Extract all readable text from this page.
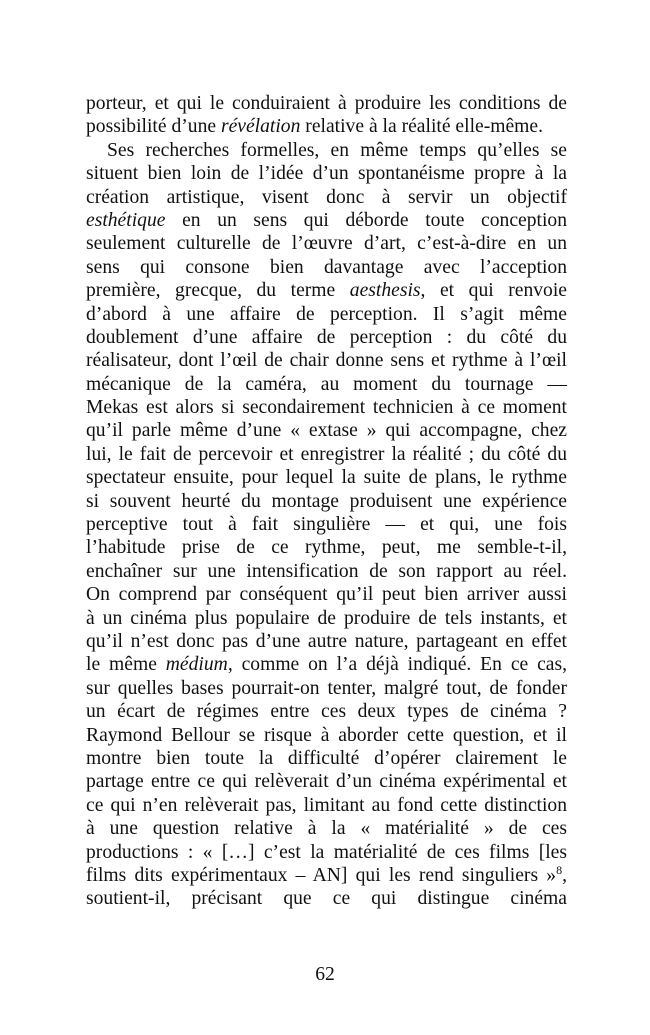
porteur, et qui le conduiraient à produire les conditions de
possibilité d’une révélation relative à la réalité elle-même.
Ses recherches formelles, en même temps qu’elles se
situent bien loin de l’idée d’un spontanéisme propre à la
création artistique, visent donc à servir un objectif
esthétique en un sens qui déborde toute conception
seulement culturelle de l’œuvre d’art, c’est-à-dire en un
sens qui consone bien davantage avec l’acception
première, grecque, du terme aesthesis, et qui renvoie
d’abord à une affaire de perception. Il s’agit même
doublement d’une affaire de perception : du côté du
réalisateur, dont l’œil de chair donne sens et rythme à l’œil
mécanique de la caméra, au moment du tournage —
Mekas est alors si secondairement technicien à ce moment
qu’il parle même d’une « extase » qui accompagne, chez
lui, le fait de percevoir et enregistrer la réalité ; du côté du
spectateur ensuite, pour lequel la suite de plans, le rythme
si souvent heurté du montage produisent une expérience
perceptive tout à fait singulière — et qui, une fois
l’habitude prise de ce rythme, peut, me semble-t-il,
enchaîner sur une intensification de son rapport au réel.
On comprend par conséquent qu’il peut bien arriver aussi
à un cinéma plus populaire de produire de tels instants, et
qu’il n’est donc pas d’une autre nature, partageant en effet
le même médium, comme on l’a déjà indiqué. En ce cas,
sur quelles bases pourrait-on tenter, malgré tout, de fonder
un écart de régimes entre ces deux types de cinéma ?
Raymond Bellour se risque à aborder cette question, et il
montre bien toute la difficulté d’opérer clairement le
partage entre ce qui relèverait d’un cinéma expérimental et
ce qui n’en relèverait pas, limitant au fond cette distinction
à une question relative à la « matérialité » de ces
productions : « […] c’est la matérialité de ces films [les
films dits expérimentaux – AN] qui les rend singuliers »$^8$,
soutient-il, précisant que ce qui distingue cinéma
62
